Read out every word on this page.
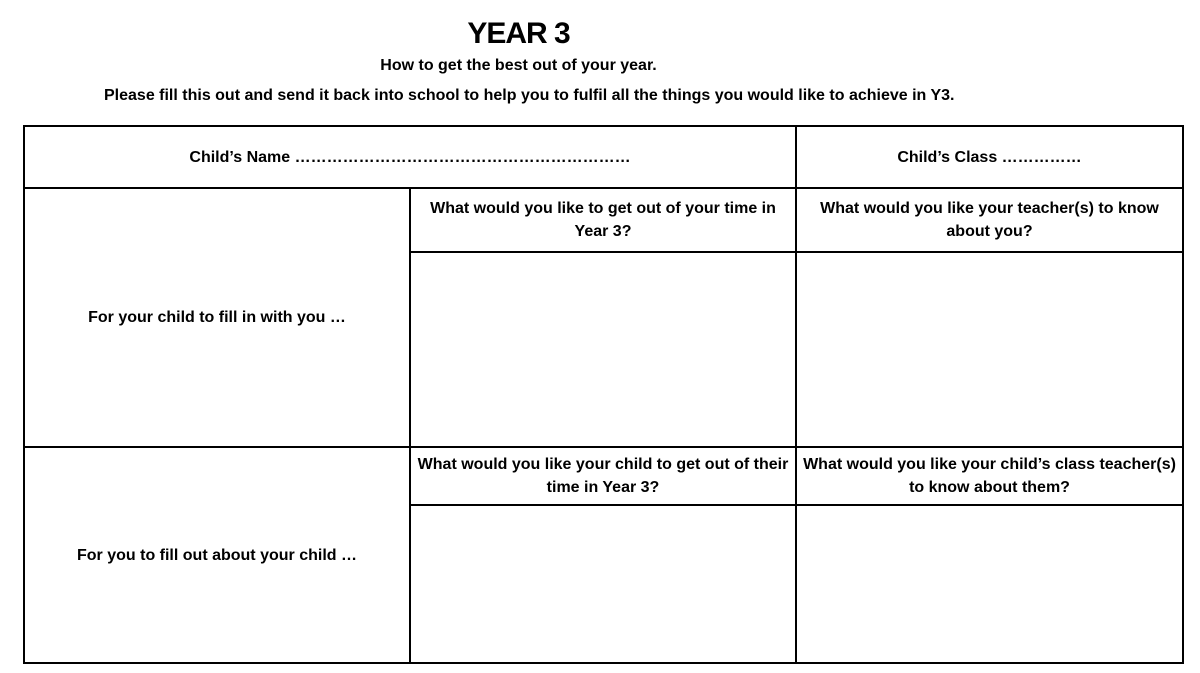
YEAR 3
How to get the best out of your year.
Please fill this out and send it back into school to help you to fulfil all the things you would like to achieve in Y3.
Child’s Name ………………………………………………………		Child’s Class ……………
For your child to fill in with you …	What would you like to get out of your time in Year 3?	What would you like your teacher(s) to know about you?

For you to fill out about your child …	What would you like your child to get out of their time in Year 3?	What would you like your child’s class teacher(s) to know about them?
